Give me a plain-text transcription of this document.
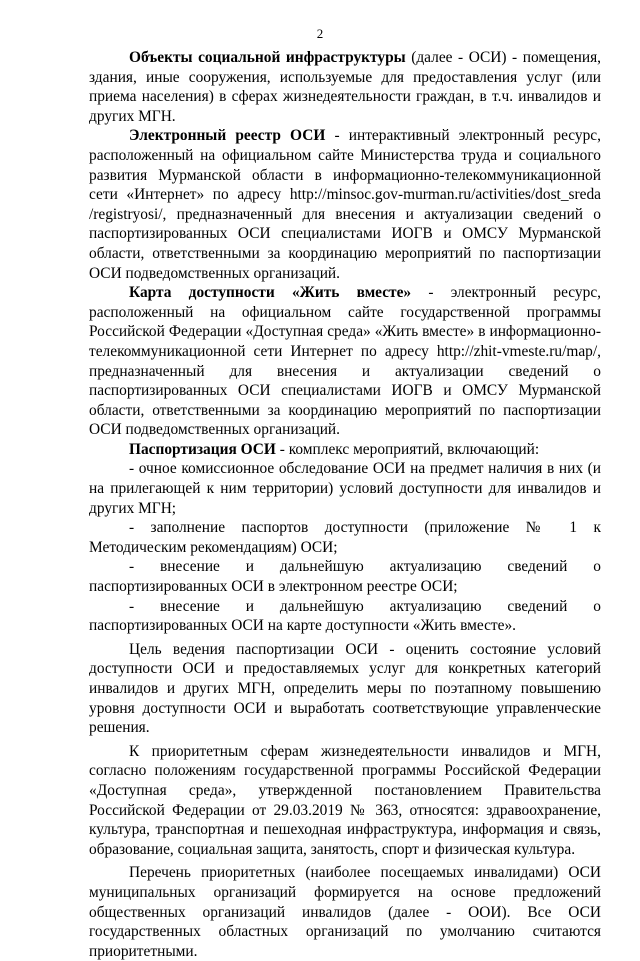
2

Объекты социальной инфраструктуры (далее - ОСИ) - помещения, здания, иные сооружения, используемые для предоставления услуг (или приема населения) в сферах жизнедеятельности граждан, в т.ч. инвалидов и других МГН.

Электронный реестр ОСИ - интерактивный электронный ресурс, расположенный на официальном сайте Министерства труда и социального развития Мурманской области в информационно-телекоммуникационной сети «Интернет» по адресу http://minsoc.gov-murman.ru/activities/dost_sreda /registryosi/, предназначенный для внесения и актуализации сведений о паспортизированных ОСИ специалистами ИОГВ и ОМСУ Мурманской области, ответственными за координацию мероприятий по паспортизации ОСИ подведомственных организаций.

Карта доступности «Жить вместе» - электронный ресурс, расположенный на официальном сайте государственной программы Российской Федерации «Доступная среда» «Жить вместе» в информационно-телекоммуникационной сети Интернет по адресу http://zhit-vmeste.ru/map/, предназначенный для внесения и актуализации сведений о паспортизированных ОСИ специалистами ИОГВ и ОМСУ Мурманской области, ответственными за координацию мероприятий по паспортизации ОСИ подведомственных организаций.

Паспортизация ОСИ - комплекс мероприятий, включающий:

- очное комиссионное обследование ОСИ на предмет наличия в них (и на прилегающей к ним территории) условий доступности для инвалидов и других МГН;

- заполнение паспортов доступности (приложение № 1 к Методическим рекомендациям) ОСИ;

- внесение и дальнейшую актуализацию сведений о паспортизированных ОСИ в электронном реестре ОСИ;

- внесение и дальнейшую актуализацию сведений о паспортизированных ОСИ на карте доступности «Жить вместе».

Цель ведения паспортизации ОСИ - оценить состояние условий доступности ОСИ и предоставляемых услуг для конкретных категорий инвалидов и других МГН, определить меры по поэтапному повышению уровня доступности ОСИ и выработать соответствующие управленческие решения.

К приоритетным сферам жизнедеятельности инвалидов и МГН, согласно положениям государственной программы Российской Федерации «Доступная среда», утвержденной постановлением Правительства Российской Федерации от 29.03.2019 № 363, относятся: здравоохранение, культура, транспортная и пешеходная инфраструктура, информация и связь, образование, социальная защита, занятость, спорт и физическая культура.

Перечень приоритетных (наиболее посещаемых инвалидами) ОСИ муниципальных организаций формируется на основе предложений общественных организаций инвалидов (далее - ООИ). Все ОСИ государственных областных организаций по умолчанию считаются приоритетными.
